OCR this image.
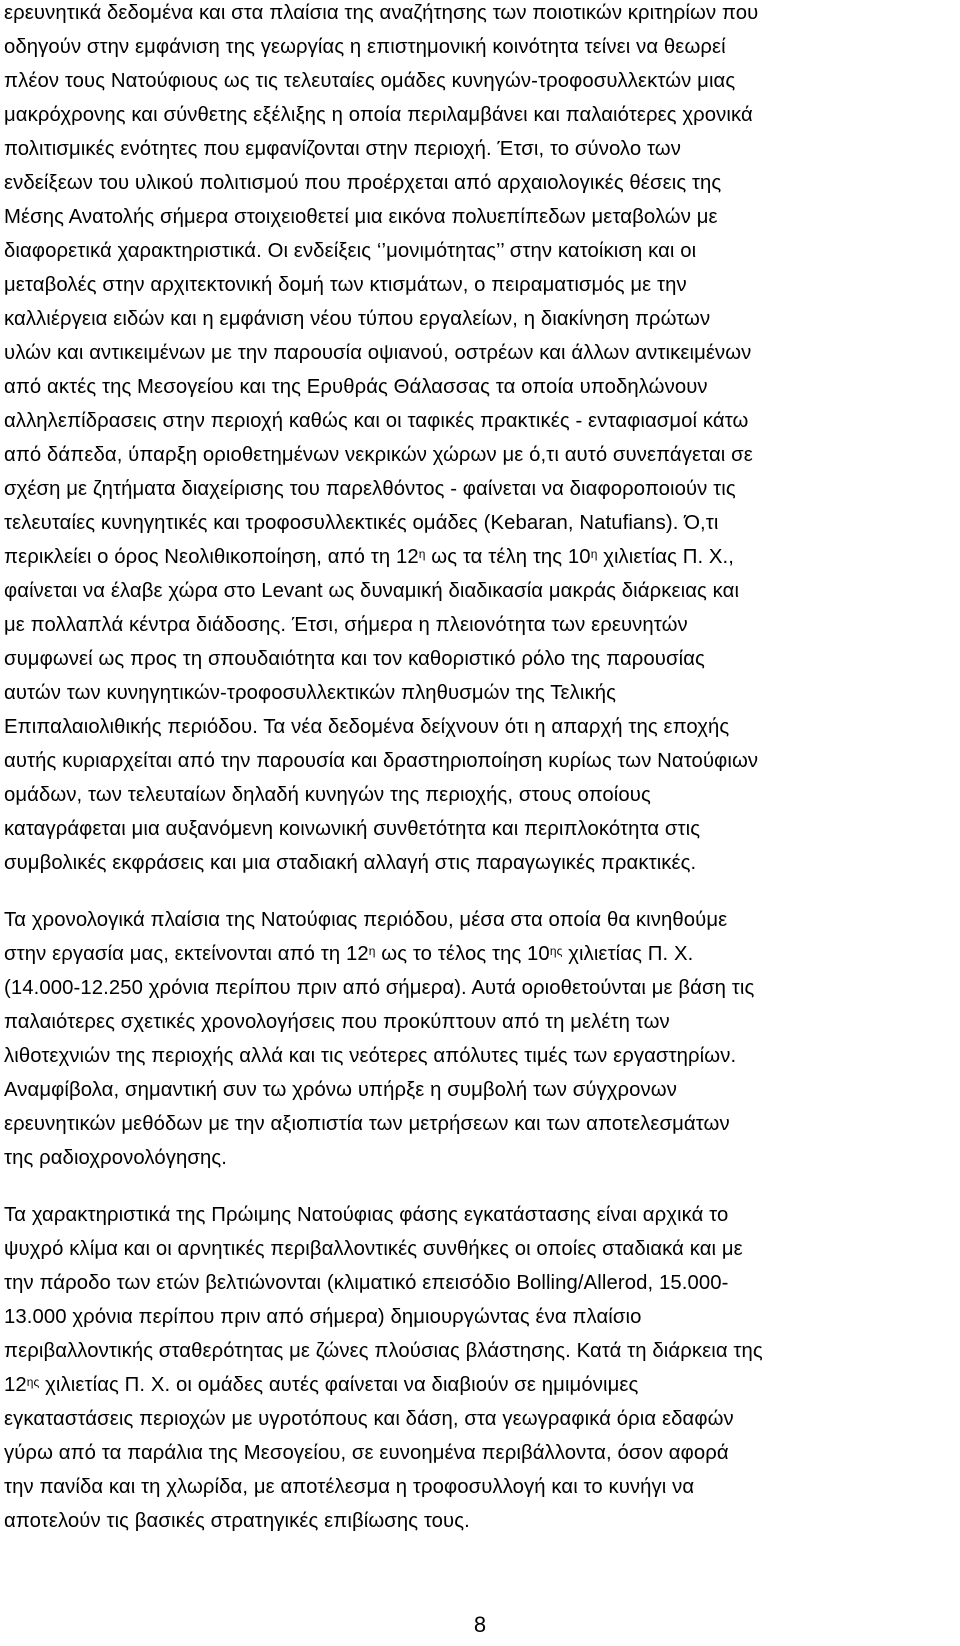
ερευνητικά δεδομένα και στα πλαίσια της αναζήτησης των ποιοτικών κριτηρίων που
οδηγούν στην εμφάνιση της γεωργίας η επιστημονική κοινότητα τείνει να θεωρεί
πλέον τους Νατούφιους ως τις τελευταίες ομάδες κυνηγών-τροφοσυλλεκτών μιας
μακρόχρονης και σύνθετης εξέλιξης η οποία περιλαμβάνει και παλαιότερες χρονικά
πολιτισμικές ενότητες που εμφανίζονται στην περιοχή. Έτσι, το σύνολο των
ενδείξεων του υλικού πολιτισμού που προέρχεται από αρχαιολογικές θέσεις της
Μέσης Ανατολής σήμερα στοιχειοθετεί μια εικόνα πολυεπίπεδων μεταβολών με
διαφορετικά χαρακτηριστικά. Οι ενδείξεις ‘’μονιμότητας’’ στην κατοίκιση και οι
μεταβολές στην αρχιτεκτονική δομή των κτισμάτων, ο πειραματισμός με την
καλλιέργεια ειδών και η εμφάνιση νέου τύπου εργαλείων, η διακίνηση πρώτων
υλών και αντικειμένων με την παρουσία οψιανού, οστρέων και άλλων αντικειμένων
από ακτές της Μεσογείου και της Ερυθράς Θάλασσας τα οποία υποδηλώνουν
αλληλεπίδρασεις στην περιοχή καθώς και οι ταφικές πρακτικές - ενταφιασμοί κάτω
από δάπεδα, ύπαρξη οριοθετημένων νεκρικών χώρων με ό,τι αυτό συνεπάγεται σε
σχέση με ζητήματα διαχείρισης του παρελθόντος - φαίνεται να διαφοροποιούν τις
τελευταίες κυνηγητικές και τροφοσυλλεκτικές ομάδες (Kebaran, Natufians). Ό,τι
περικλείει ο όρος Νεολιθικοποίηση, από τη $12^\eta$ ως τα τέλη της $10^\eta$ χιλιετίας Π. Χ.,
φαίνεται να έλαβε χώρα στο Levant ως δυναμική διαδικασία μακράς διάρκειας και
με πολλαπλά κέντρα διάδοσης. Έτσι, σήμερα η πλειονότητα των ερευνητών
συμφωνεί ως προς τη σπουδαιότητα και τον καθοριστικό ρόλο της παρουσίας
αυτών των κυνηγητικών-τροφοσυλλεκτικών πληθυσμών της Τελικής
Επιπαλαιολιθικής περιόδου. Τα νέα δεδομένα δείχνουν ότι η απαρχή της εποχής
αυτής κυριαρχείται από την παρουσία και δραστηριοποίηση κυρίως των Νατούφιων
ομάδων, των τελευταίων δηλαδή κυνηγών της περιοχής, στους οποίους
καταγράφεται μια αυξανόμενη κοινωνική συνθετότητα και περιπλοκότητα στις
συμβολικές εκφράσεις και μια σταδιακή αλλαγή στις παραγωγικές πρακτικές.
Τα χρονολογικά πλαίσια της Νατούφιας περιόδου, μέσα στα οποία θα κινηθούμε
στην εργασία μας, εκτείνονται από τη $12^\eta$ ως το τέλος της $10^{\eta\varsigma}$ χιλιετίας Π. Χ.
(14.000-12.250 χρόνια περίπου πριν από σήμερα). Αυτά οριοθετούνται με βάση τις
παλαιότερες σχετικές χρονολογήσεις που προκύπτουν από τη μελέτη των
λιθοτεχνιών της περιοχής αλλά και τις νεότερες απόλυτες τιμές των εργαστηρίων.
Αναμφίβολα, σημαντική συν τω χρόνω υπήρξε η συμβολή των σύγχρονων
ερευνητικών μεθόδων με την αξιοπιστία των μετρήσεων και των αποτελεσμάτων
της ραδιοχρονολόγησης.
Τα χαρακτηριστικά της Πρώιμης Νατούφιας φάσης εγκατάστασης είναι αρχικά το
ψυχρό κλίμα και οι αρνητικές περιβαλλοντικές συνθήκες οι οποίες σταδιακά και με
την πάροδο των ετών βελτιώνονται (κλιματικό επεισόδιο Bolling/Allerod, 15.000-
13.000 χρόνια περίπου πριν από σήμερα) δημιουργώντας ένα πλαίσιο
περιβαλλοντικής σταθερότητας με ζώνες πλούσιας βλάστησης. Κατά τη διάρκεια της
$12^{\eta\varsigma}$ χιλιετίας Π. Χ. οι ομάδες αυτές φαίνεται να διαβιούν σε ημιμόνιμες
εγκαταστάσεις περιοχών με υγροτόπους και δάση, στα γεωγραφικά όρια εδαφών
γύρω από τα παράλια της Μεσογείου, σε ευνοημένα περιβάλλοντα, όσον αφορά
την πανίδα και τη χλωρίδα, με αποτέλεσμα η τροφοσυλλογή και το κυνήγι να
αποτελούν τις βασικές στρατηγικές επιβίωσης τους.
8
